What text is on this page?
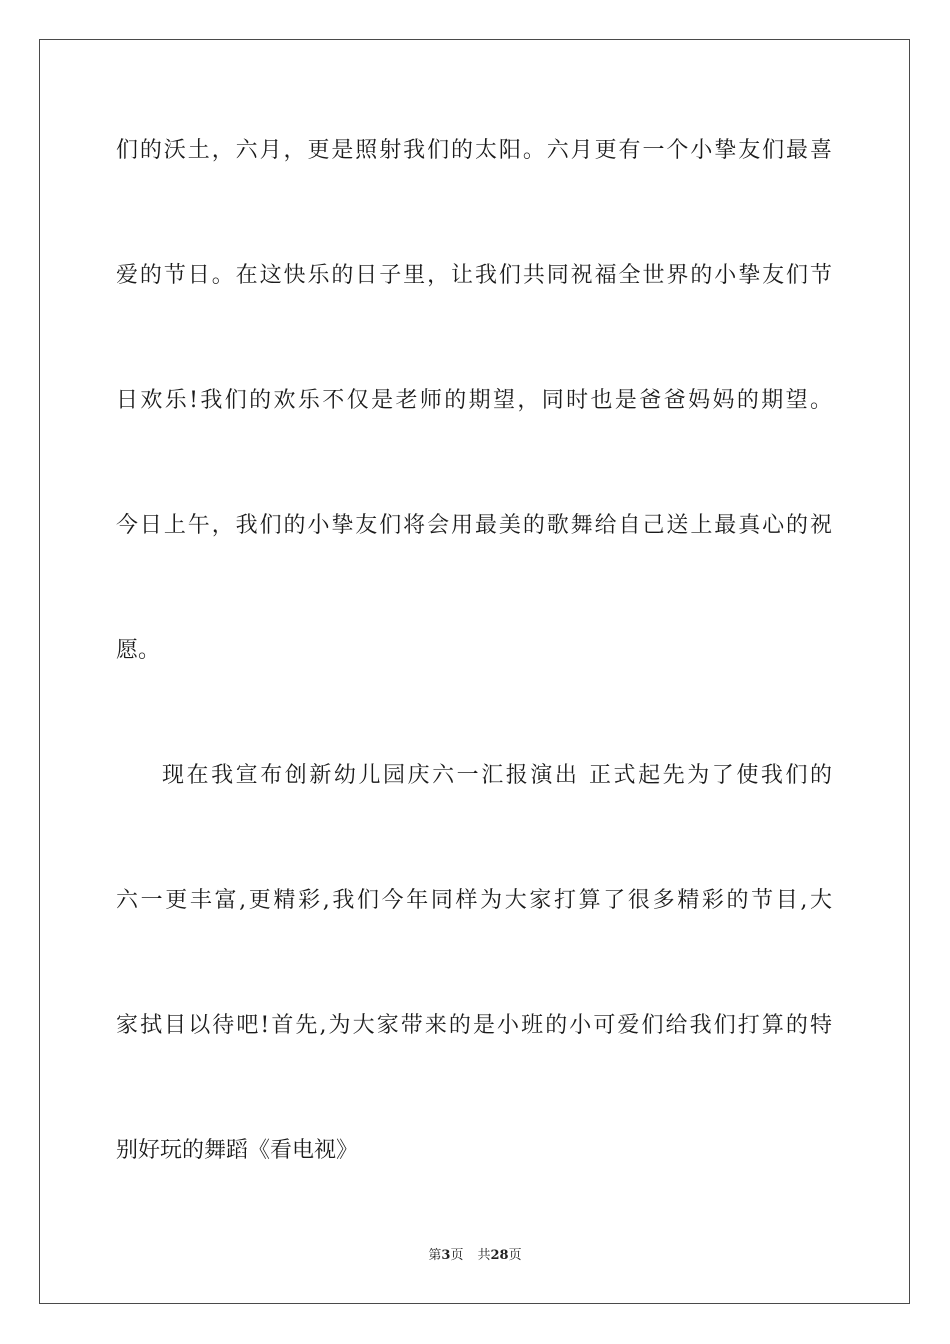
们的沃土，六月，更是照射我们的太阳。六月更有一个小挚友们最喜

爱的节日。在这快乐的日子里，让我们共同祝福全世界的小挚友们节

日欢乐!我们的欢乐不仅是老师的期望，同时也是爸爸妈妈的期望。

今日上午，我们的小挚友们将会用最美的歌舞给自己送上最真心的祝

愿。

现在我宣布创新幼儿园庆六一汇报演出 正式起先为了使我们的

六一更丰富,更精彩,我们今年同样为大家打算了很多精彩的节目,大

家拭目以待吧!首先,为大家带来的是小班的小可爱们给我们打算的特

别好玩的舞蹈《看电视》

第3页 共28页
